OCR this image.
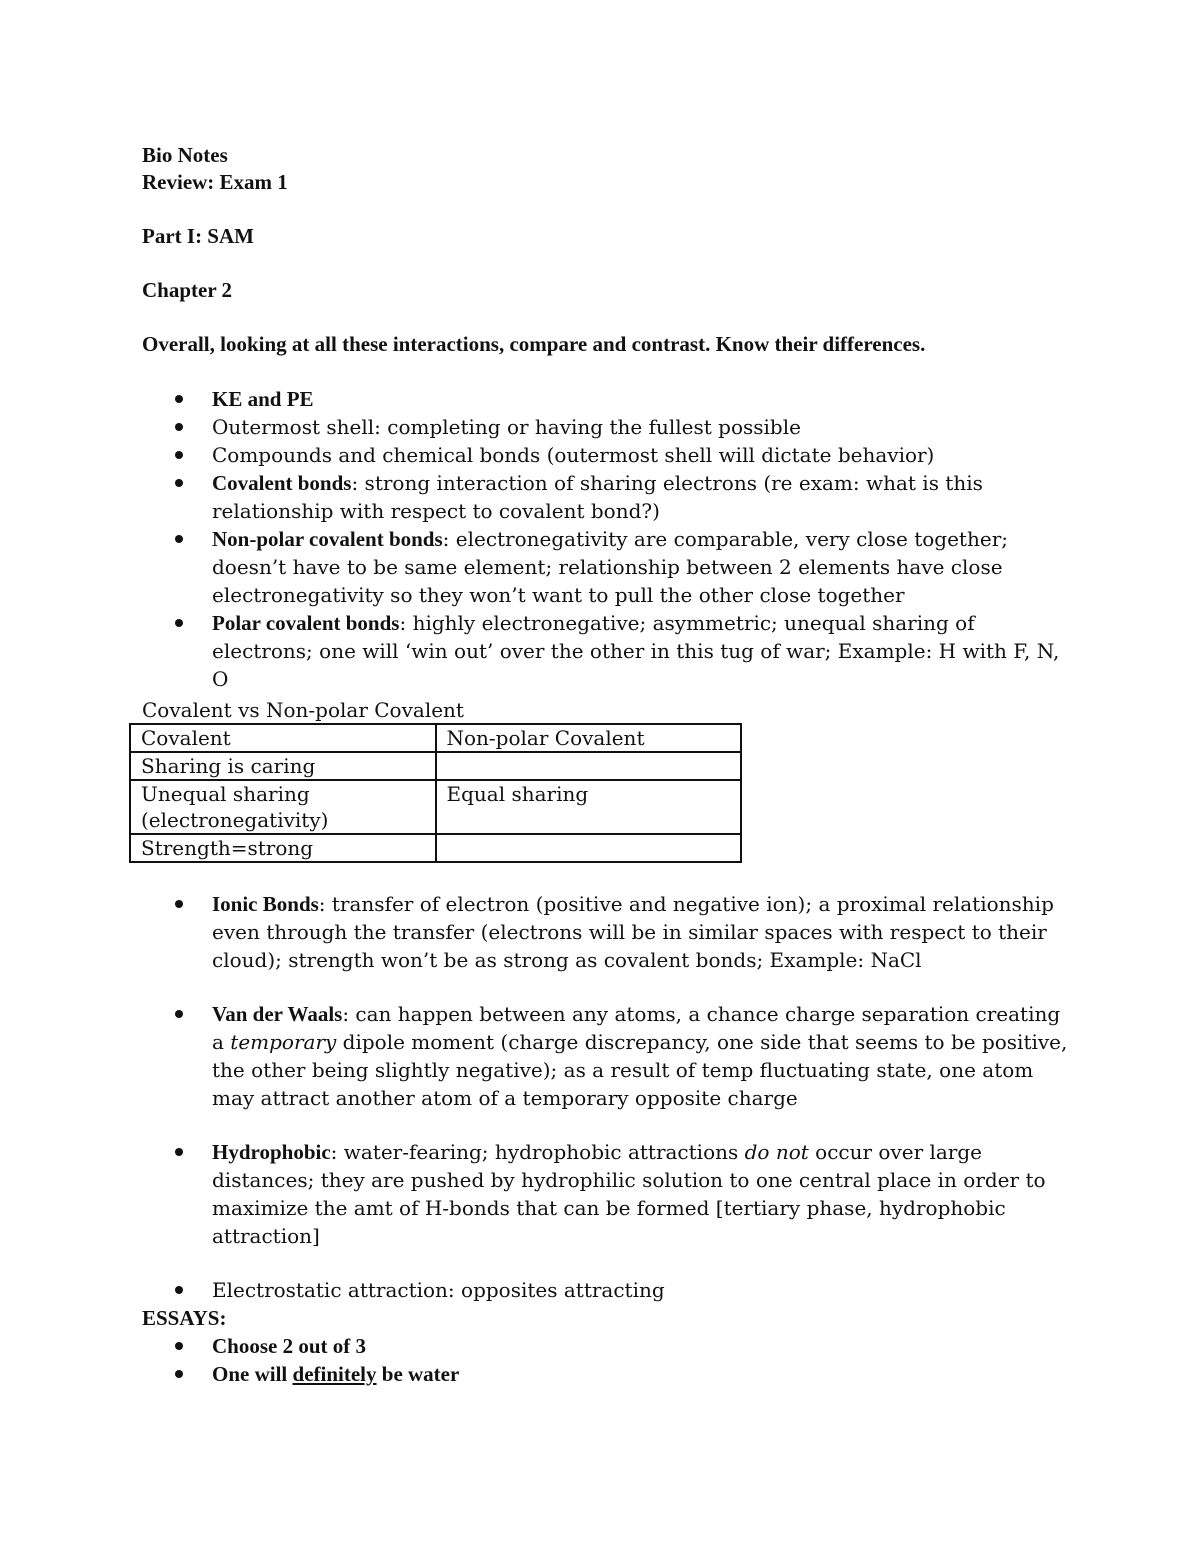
Bio Notes
Review: Exam 1
Part I: SAM
Chapter 2
Overall, looking at all these interactions, compare and contrast. Know their differences.
KE and PE
Outermost shell: completing or having the fullest possible
Compounds and chemical bonds (outermost shell will dictate behavior)
Covalent bonds: strong interaction of sharing electrons (re exam: what is this relationship with respect to covalent bond?)
Non-polar covalent bonds: electronegativity are comparable, very close together; doesn’t have to be same element; relationship between 2 elements have close electronegativity so they won’t want to pull the other close together
Polar covalent bonds: highly electronegative; asymmetric; unequal sharing of electrons; one will ‘win out’ over the other in this tug of war; Example: H with F, N, O
Covalent vs Non-polar Covalent
Covalent	Non-polar Covalent
Sharing is caring	
Unequal sharing (electronegativity)	Equal sharing
Strength=strong	
Ionic Bonds: transfer of electron (positive and negative ion); a proximal relationship even through the transfer (electrons will be in similar spaces with respect to their cloud); strength won’t be as strong as covalent bonds; Example: NaCl
Van der Waals: can happen between any atoms, a chance charge separation creating a temporary dipole moment (charge discrepancy, one side that seems to be positive, the other being slightly negative); as a result of temp fluctuating state, one atom may attract another atom of a temporary opposite charge
Hydrophobic: water-fearing; hydrophobic attractions do not occur over large distances; they are pushed by hydrophilic solution to one central place in order to maximize the amt of H-bonds that can be formed [tertiary phase, hydrophobic attraction]
Electrostatic attraction: opposites attracting
ESSAYS:
Choose 2 out of 3
One will definitely be water
